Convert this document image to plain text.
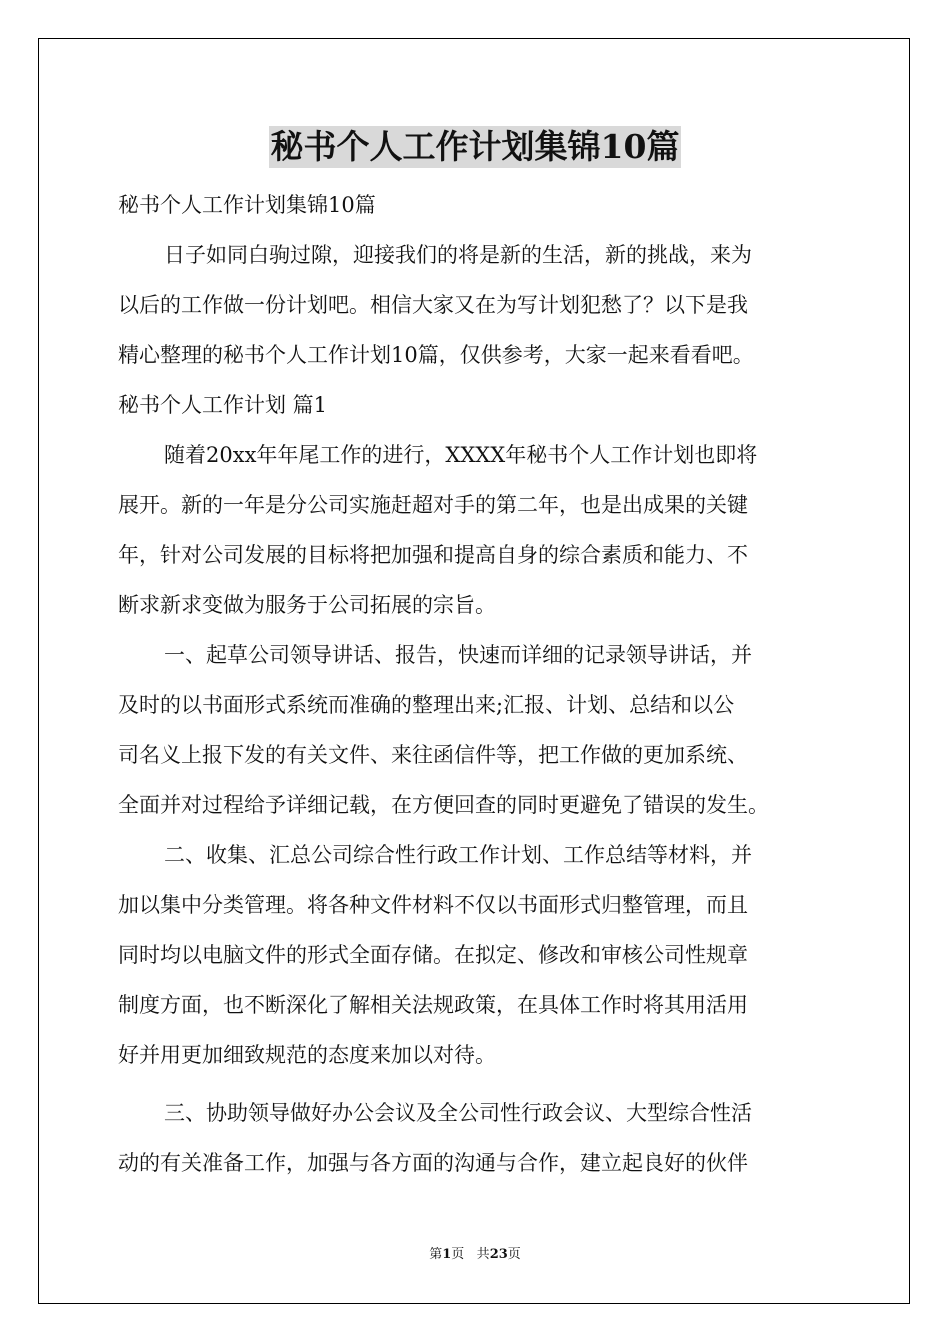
秘书个人工作计划集锦10篇
秘书个人工作计划集锦10篇
日子如同白驹过隙，迎接我们的将是新的生活，新的挑战，来为
以后的工作做一份计划吧。相信大家又在为写计划犯愁了？以下是我
精心整理的秘书个人工作计划10篇，仅供参考，大家一起来看看吧。
秘书个人工作计划 篇1
随着20xx年年尾工作的进行，XXXX年秘书个人工作计划也即将
展开。新的一年是分公司实施赶超对手的第二年，也是出成果的关键
年，针对公司发展的目标将把加强和提高自身的综合素质和能力、不
断求新求变做为服务于公司拓展的宗旨。
一、起草公司领导讲话、报告，快速而详细的记录领导讲话，并
及时的以书面形式系统而准确的整理出来;汇报、计划、总结和以公
司名义上报下发的有关文件、来往函信件等，把工作做的更加系统、
全面并对过程给予详细记载，在方便回查的同时更避免了错误的发生。
二、收集、汇总公司综合性行政工作计划、工作总结等材料，并
加以集中分类管理。将各种文件材料不仅以书面形式归整管理，而且
同时均以电脑文件的形式全面存储。在拟定、修改和审核公司性规章
制度方面，也不断深化了解相关法规政策，在具体工作时将其用活用
好并用更加细致规范的态度来加以对待。
三、协助领导做好办公会议及全公司性行政会议、大型综合性活
动的有关准备工作，加强与各方面的沟通与合作，建立起良好的伙伴
第1页 共23页
